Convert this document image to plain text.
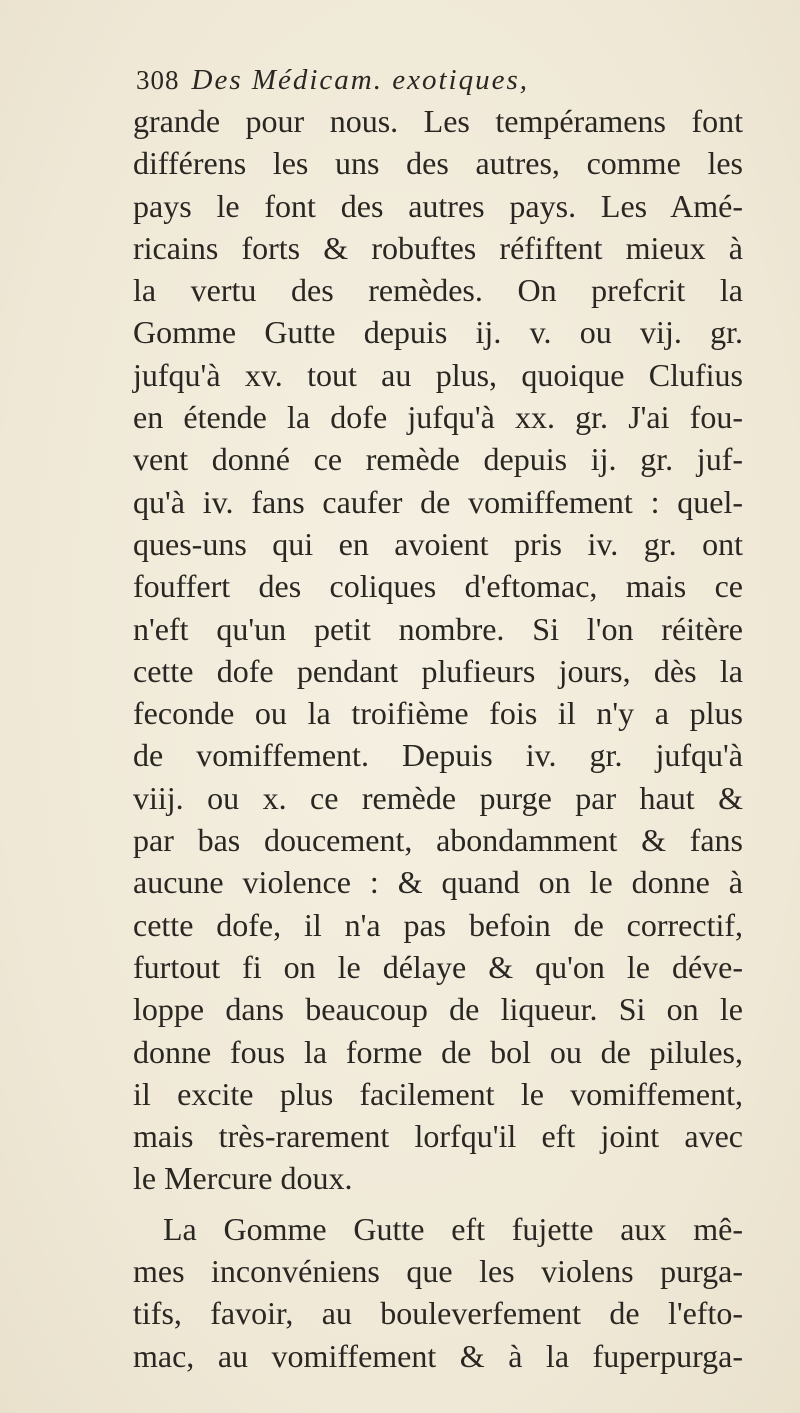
308 Des Médicam. exotiques,
grande pour nous. Les tempéramens font
différens les uns des autres, comme les
pays le font des autres pays. Les Amé-
ricains forts & robuftes réfiftent mieux à
la vertu des remèdes. On prefcrit la
Gomme Gutte depuis ij. v. ou vij. gr.
jufqu'à xv. tout au plus, quoique Clufius
en étende la dofe jufqu'à xx. gr. J'ai fou-
vent donné ce remède depuis ij. gr. juf-
qu'à iv. fans caufer de vomiffement : quel-
ques-uns qui en avoient pris iv. gr. ont
fouffert des coliques d'eftomac, mais ce
n'eft qu'un petit nombre. Si l'on réitère
cette dofe pendant plufieurs jours, dès la
feconde ou la troifième fois il n'y a plus
de vomiffement. Depuis iv. gr. jufqu'à
viij. ou x. ce remède purge par haut &
par bas doucement, abondamment & fans
aucune violence : & quand on le donne à
cette dofe, il n'a pas befoin de correctif,
furtout fi on le délaye & qu'on le déve-
loppe dans beaucoup de liqueur. Si on le
donne fous la forme de bol ou de pilules,
il excite plus facilement le vomiffement,
mais très-rarement lorfqu'il eft joint avec
le Mercure doux.
La Gomme Gutte eft fujette aux mê-
mes inconvéniens que les violens purga-
tifs, favoir, au bouleverfement de l'efto-
mac, au vomiffement & à la fuperpurga-
